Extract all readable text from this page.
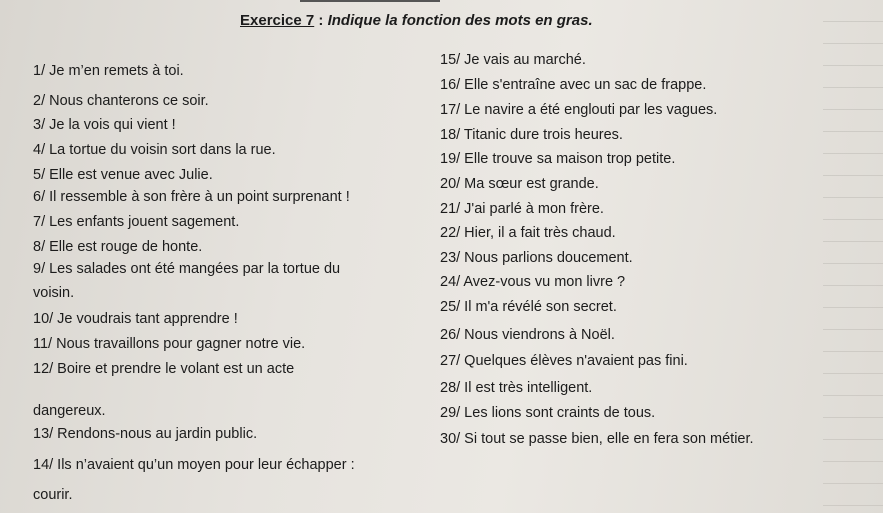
Exercice 7 : Indique la fonction des mots en gras.
1/ Je m’en remets à toi.
2/ Nous chanterons ce soir.
3/ Je la vois qui vient !
4/ La tortue du voisin sort dans la rue.
5/ Elle est venue avec Julie.
6/ Il ressemble à son frère à un point surprenant !
7/ Les enfants jouent sagement.
8/ Elle est rouge de honte.
9/ Les salades ont été mangées par la tortue du
voisin.
10/ Je voudrais tant apprendre !
11/ Nous travaillons pour gagner notre vie.
12/ Boire et prendre le volant est un acte
dangereux.
13/ Rendons-nous au jardin public.
14/ Ils n’avaient qu’un moyen pour leur échapper :
courir.
15/ Je vais au marché.
16/ Elle s'entraîne avec un sac de frappe.
17/ Le navire a été englouti par les vagues.
18/ Titanic dure trois heures.
19/ Elle trouve sa maison trop petite.
20/ Ma sœur est grande.
21/ J'ai parlé à mon frère.
22/ Hier, il a fait très chaud.
23/ Nous parlions doucement.
24/ Avez-vous vu mon livre ?
25/ Il m'a révélé son secret.
26/ Nous viendrons à Noël.
27/ Quelques élèves n'avaient pas fini.
28/ Il est très intelligent.
29/ Les lions sont craints de tous.
30/ Si tout se passe bien, elle en fera son métier.
